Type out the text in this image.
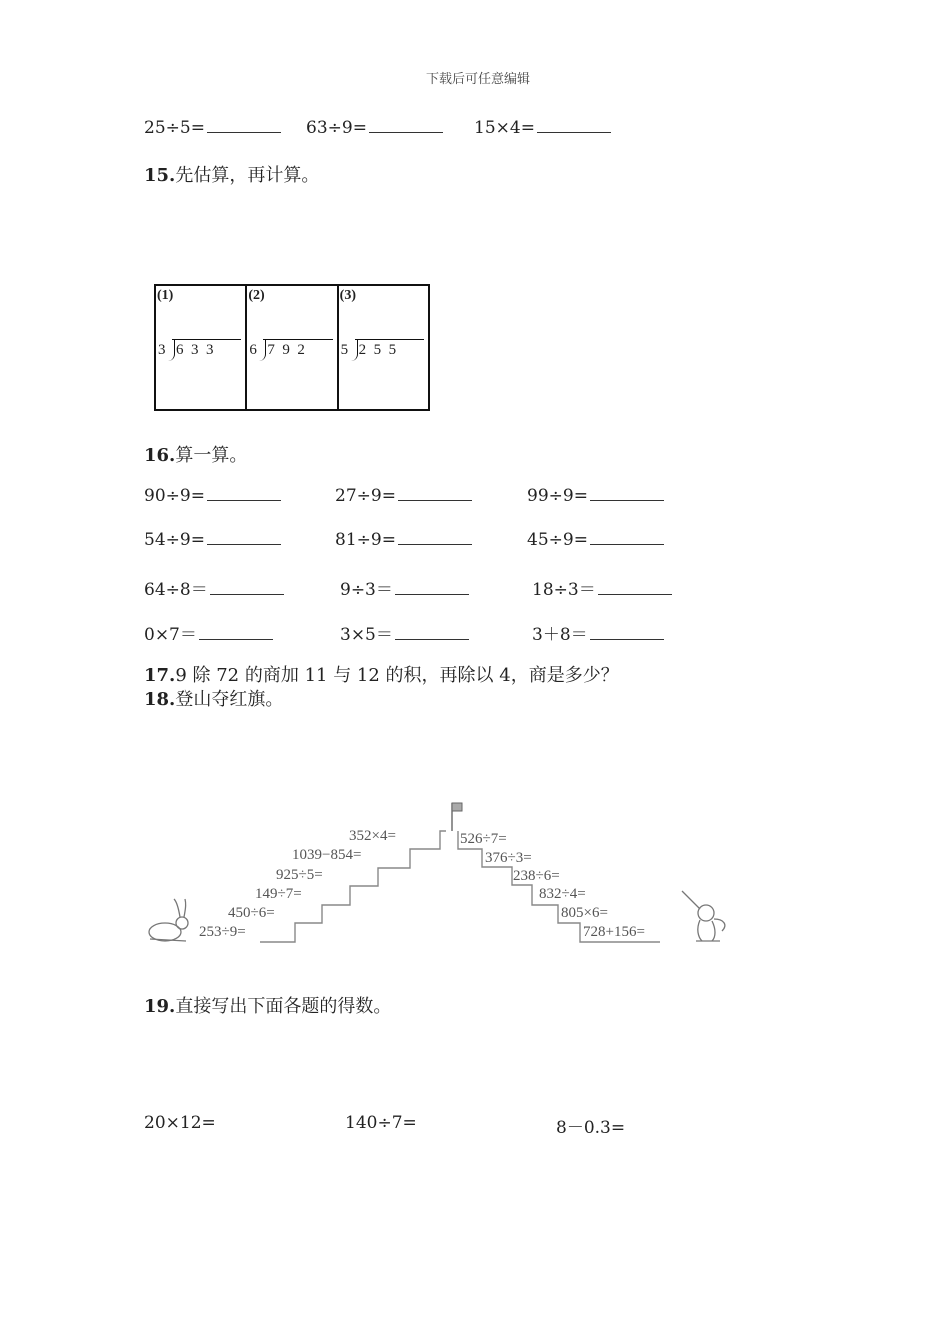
下载后可任意编辑
25÷5=	63÷9=	15×4=
15.先估算，再计算。
(1)
3 6  3  3
(2)
6 7  9  2
(3)
5 2  5  5
16.算一算。
90÷9=	27÷9=	99÷9=
54÷9=	81÷9=	45÷9=
64÷8＝	9÷3＝	18÷3＝
0×7＝	3×5＝	3＋8＝
17.9 除 72 的商加 11 与 12 的积，再除以 4，商是多少？
18.登山夺红旗。
352×4=
1039−854=
925÷5=
149÷7=
450÷6=
253÷9=
526÷7=
376÷3=
238÷6=
832÷4=
805×6=
728+156=
19.直接写出下面各题的得数。
20×12=	140÷7=	8－0.3=
